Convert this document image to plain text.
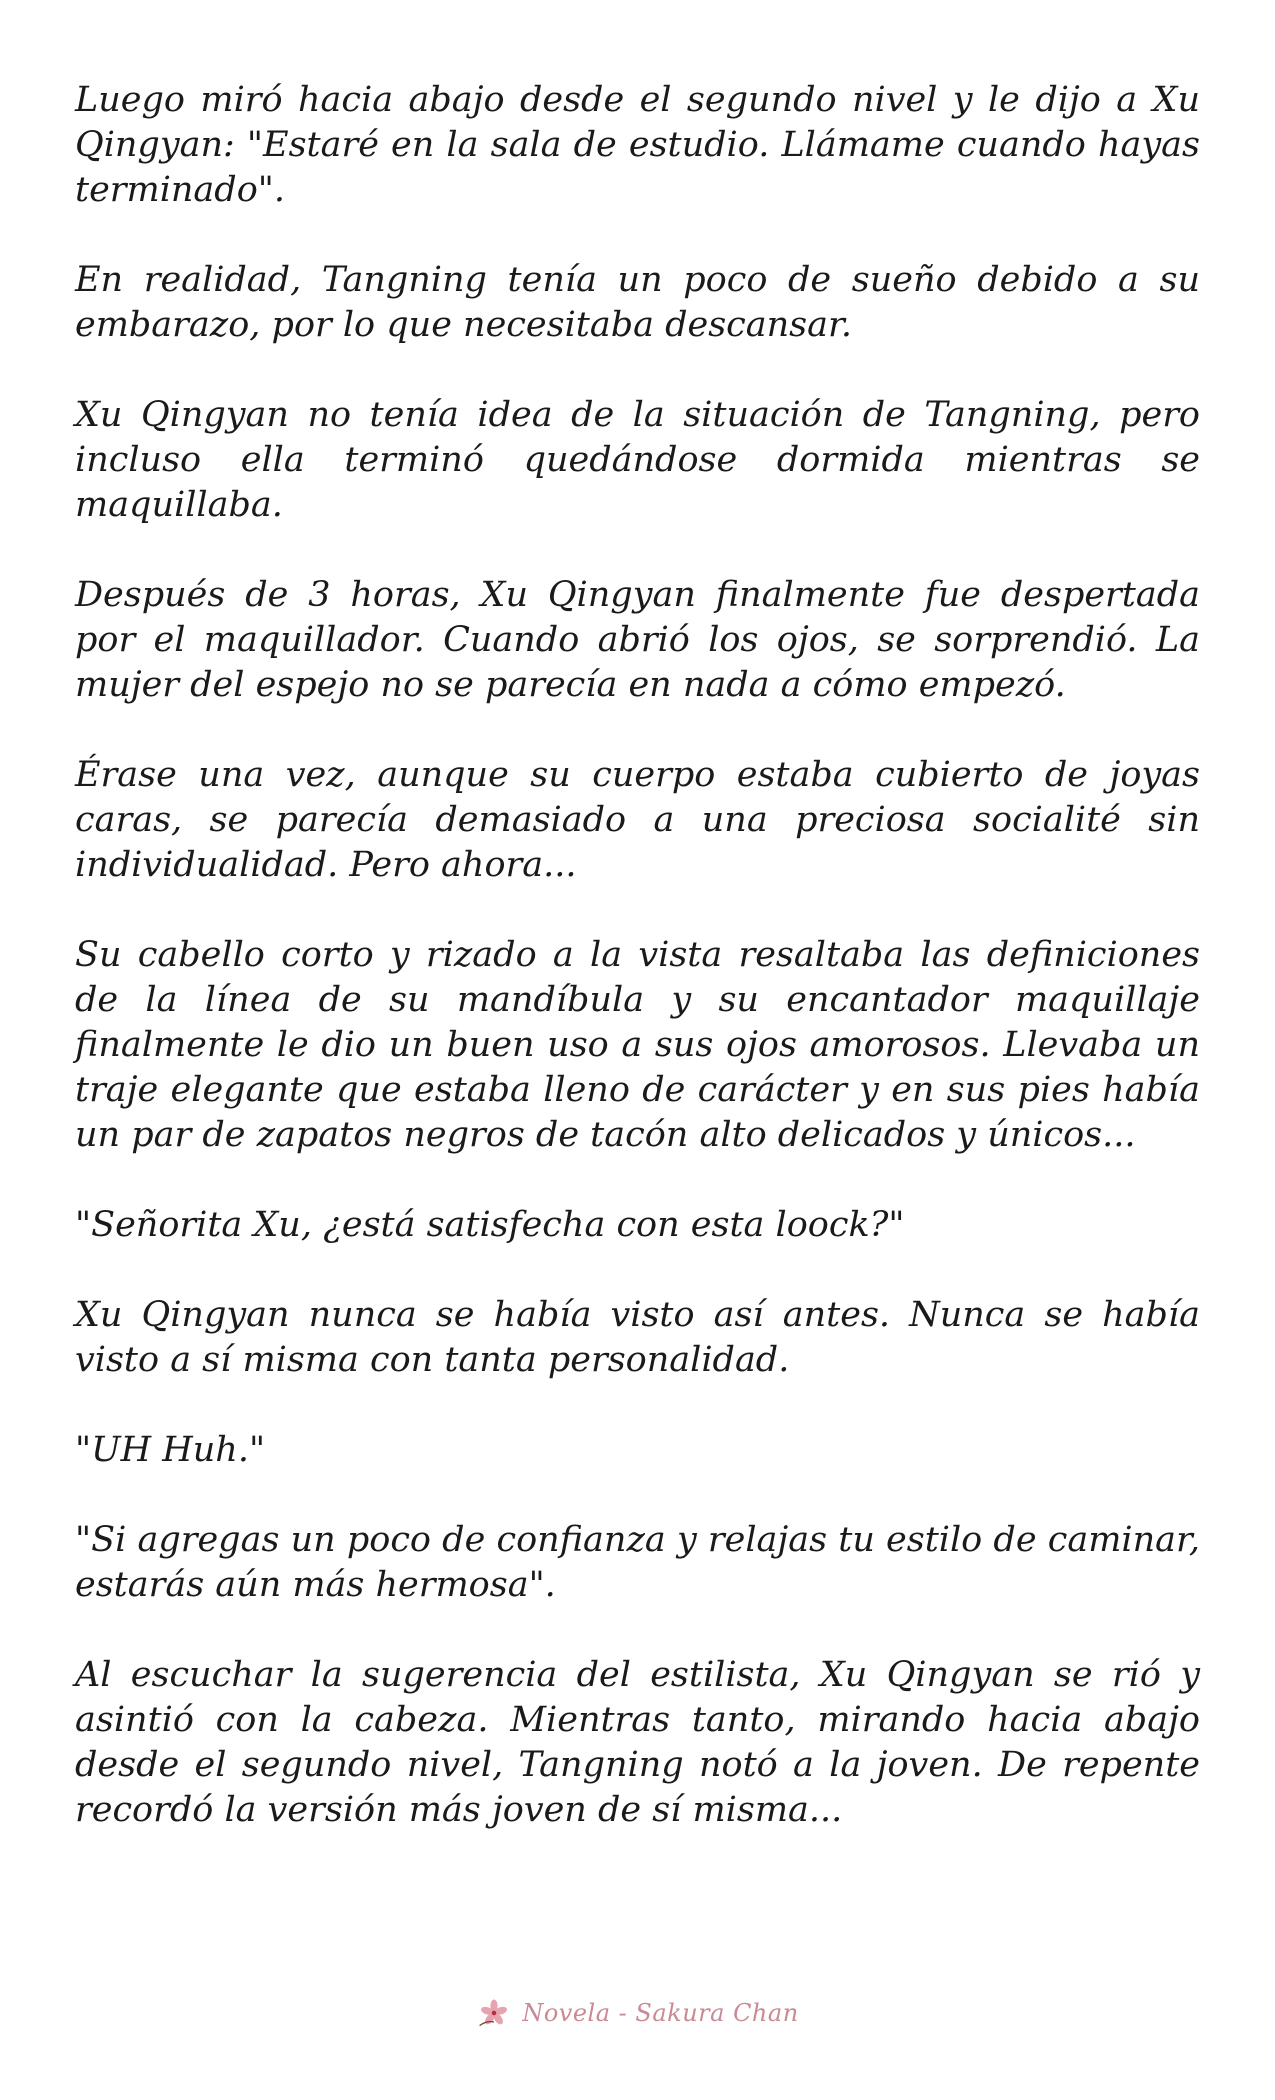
Luego miró hacia abajo desde el segundo nivel y le dijo a Xu Qingyan: "Estaré en la sala de estudio. Llámame cuando hayas terminado".

En realidad, Tangning tenía un poco de sueño debido a su embarazo, por lo que necesitaba descansar.

Xu Qingyan no tenía idea de la situación de Tangning, pero incluso ella terminó quedándose dormida mientras se maquillaba.

Después de 3 horas, Xu Qingyan finalmente fue despertada por el maquillador. Cuando abrió los ojos, se sorprendió. La mujer del espejo no se parecía en nada a cómo empezó.

Érase una vez, aunque su cuerpo estaba cubierto de joyas caras, se parecía demasiado a una preciosa socialité sin individualidad. Pero ahora...

Su cabello corto y rizado a la vista resaltaba las definiciones de la línea de su mandíbula y su encantador maquillaje finalmente le dio un buen uso a sus ojos amorosos. Llevaba un traje elegante que estaba lleno de carácter y en sus pies había un par de zapatos negros de tacón alto delicados y únicos...

"Señorita Xu, ¿está satisfecha con esta loock?"

Xu Qingyan nunca se había visto así antes. Nunca se había visto a sí misma con tanta personalidad.

"UH Huh."

"Si agregas un poco de confianza y relajas tu estilo de caminar, estarás aún más hermosa".

Al escuchar la sugerencia del estilista, Xu Qingyan se rió y asintió con la cabeza. Mientras tanto, mirando hacia abajo desde el segundo nivel, Tangning notó a la joven. De repente recordó la versión más joven de sí misma...

Novela - Sakura Chan
